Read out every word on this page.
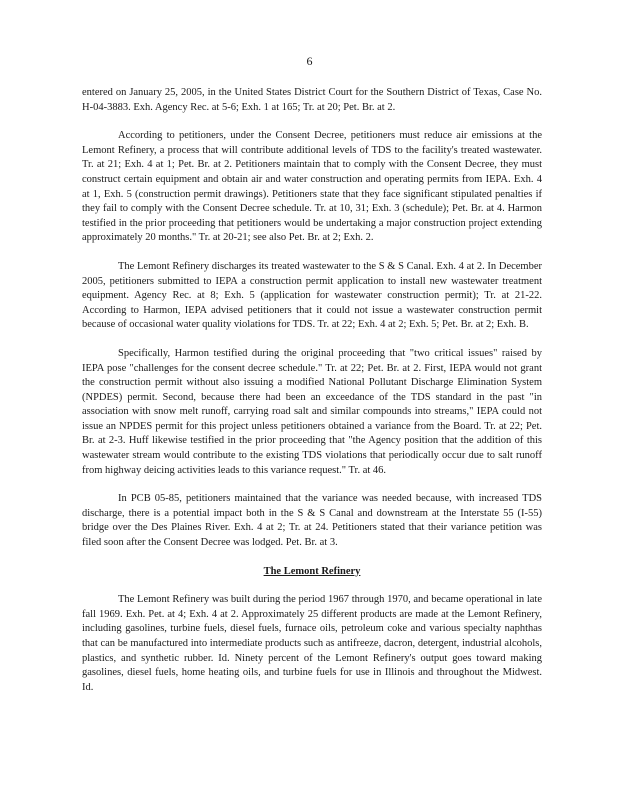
6

entered on January 25, 2005, in the United States District Court for the Southern District of Texas, Case No. H-04-3883. Exh. Agency Rec. at 5-6; Exh. 1 at 165; Tr. at 20; Pet. Br. at 2.

According to petitioners, under the Consent Decree, petitioners must reduce air emissions at the Lemont Refinery, a process that will contribute additional levels of TDS to the facility's treated wastewater. Tr. at 21; Exh. 4 at 1; Pet. Br. at 2. Petitioners maintain that to comply with the Consent Decree, they must construct certain equipment and obtain air and water construction and operating permits from IEPA. Exh. 4 at 1, Exh. 5 (construction permit drawings). Petitioners state that they face significant stipulated penalties if they fail to comply with the Consent Decree schedule. Tr. at 10, 31; Exh. 3 (schedule); Pet. Br. at 4. Harmon testified in the prior proceeding that petitioners would be undertaking a major construction project extending approximately 20 months." Tr. at 20-21; see also Pet. Br. at 2; Exh. 2.

The Lemont Refinery discharges its treated wastewater to the S & S Canal. Exh. 4 at 2. In December 2005, petitioners submitted to IEPA a construction permit application to install new wastewater treatment equipment. Agency Rec. at 8; Exh. 5 (application for wastewater construction permit); Tr. at 21-22. According to Harmon, IEPA advised petitioners that it could not issue a wastewater construction permit because of occasional water quality violations for TDS. Tr. at 22; Exh. 4 at 2; Exh. 5; Pet. Br. at 2; Exh. B.

Specifically, Harmon testified during the original proceeding that "two critical issues" raised by IEPA pose "challenges for the consent decree schedule." Tr. at 22; Pet. Br. at 2. First, IEPA would not grant the construction permit without also issuing a modified National Pollutant Discharge Elimination System (NPDES) permit. Second, because there had been an exceedance of the TDS standard in the past "in association with snow melt runoff, carrying road salt and similar compounds into streams," IEPA could not issue an NPDES permit for this project unless petitioners obtained a variance from the Board. Tr. at 22; Pet. Br. at 2-3. Huff likewise testified in the prior proceeding that "the Agency position that the addition of this wastewater stream would contribute to the existing TDS violations that periodically occur due to salt runoff from highway deicing activities leads to this variance request." Tr. at 46.

In PCB 05-85, petitioners maintained that the variance was needed because, with increased TDS discharge, there is a potential impact both in the S & S Canal and downstream at the Interstate 55 (I-55) bridge over the Des Plaines River. Exh. 4 at 2; Tr. at 24. Petitioners stated that their variance petition was filed soon after the Consent Decree was lodged. Pet. Br. at 3.

The Lemont Refinery

The Lemont Refinery was built during the period 1967 through 1970, and became operational in late fall 1969. Exh. Pet. at 4; Exh. 4 at 2. Approximately 25 different products are made at the Lemont Refinery, including gasolines, turbine fuels, diesel fuels, furnace oils, petroleum coke and various specialty naphthas that can be manufactured into intermediate products such as antifreeze, dacron, detergent, industrial alcohols, plastics, and synthetic rubber. Id. Ninety percent of the Lemont Refinery's output goes toward making gasolines, diesel fuels, home heating oils, and turbine fuels for use in Illinois and throughout the Midwest. Id.
